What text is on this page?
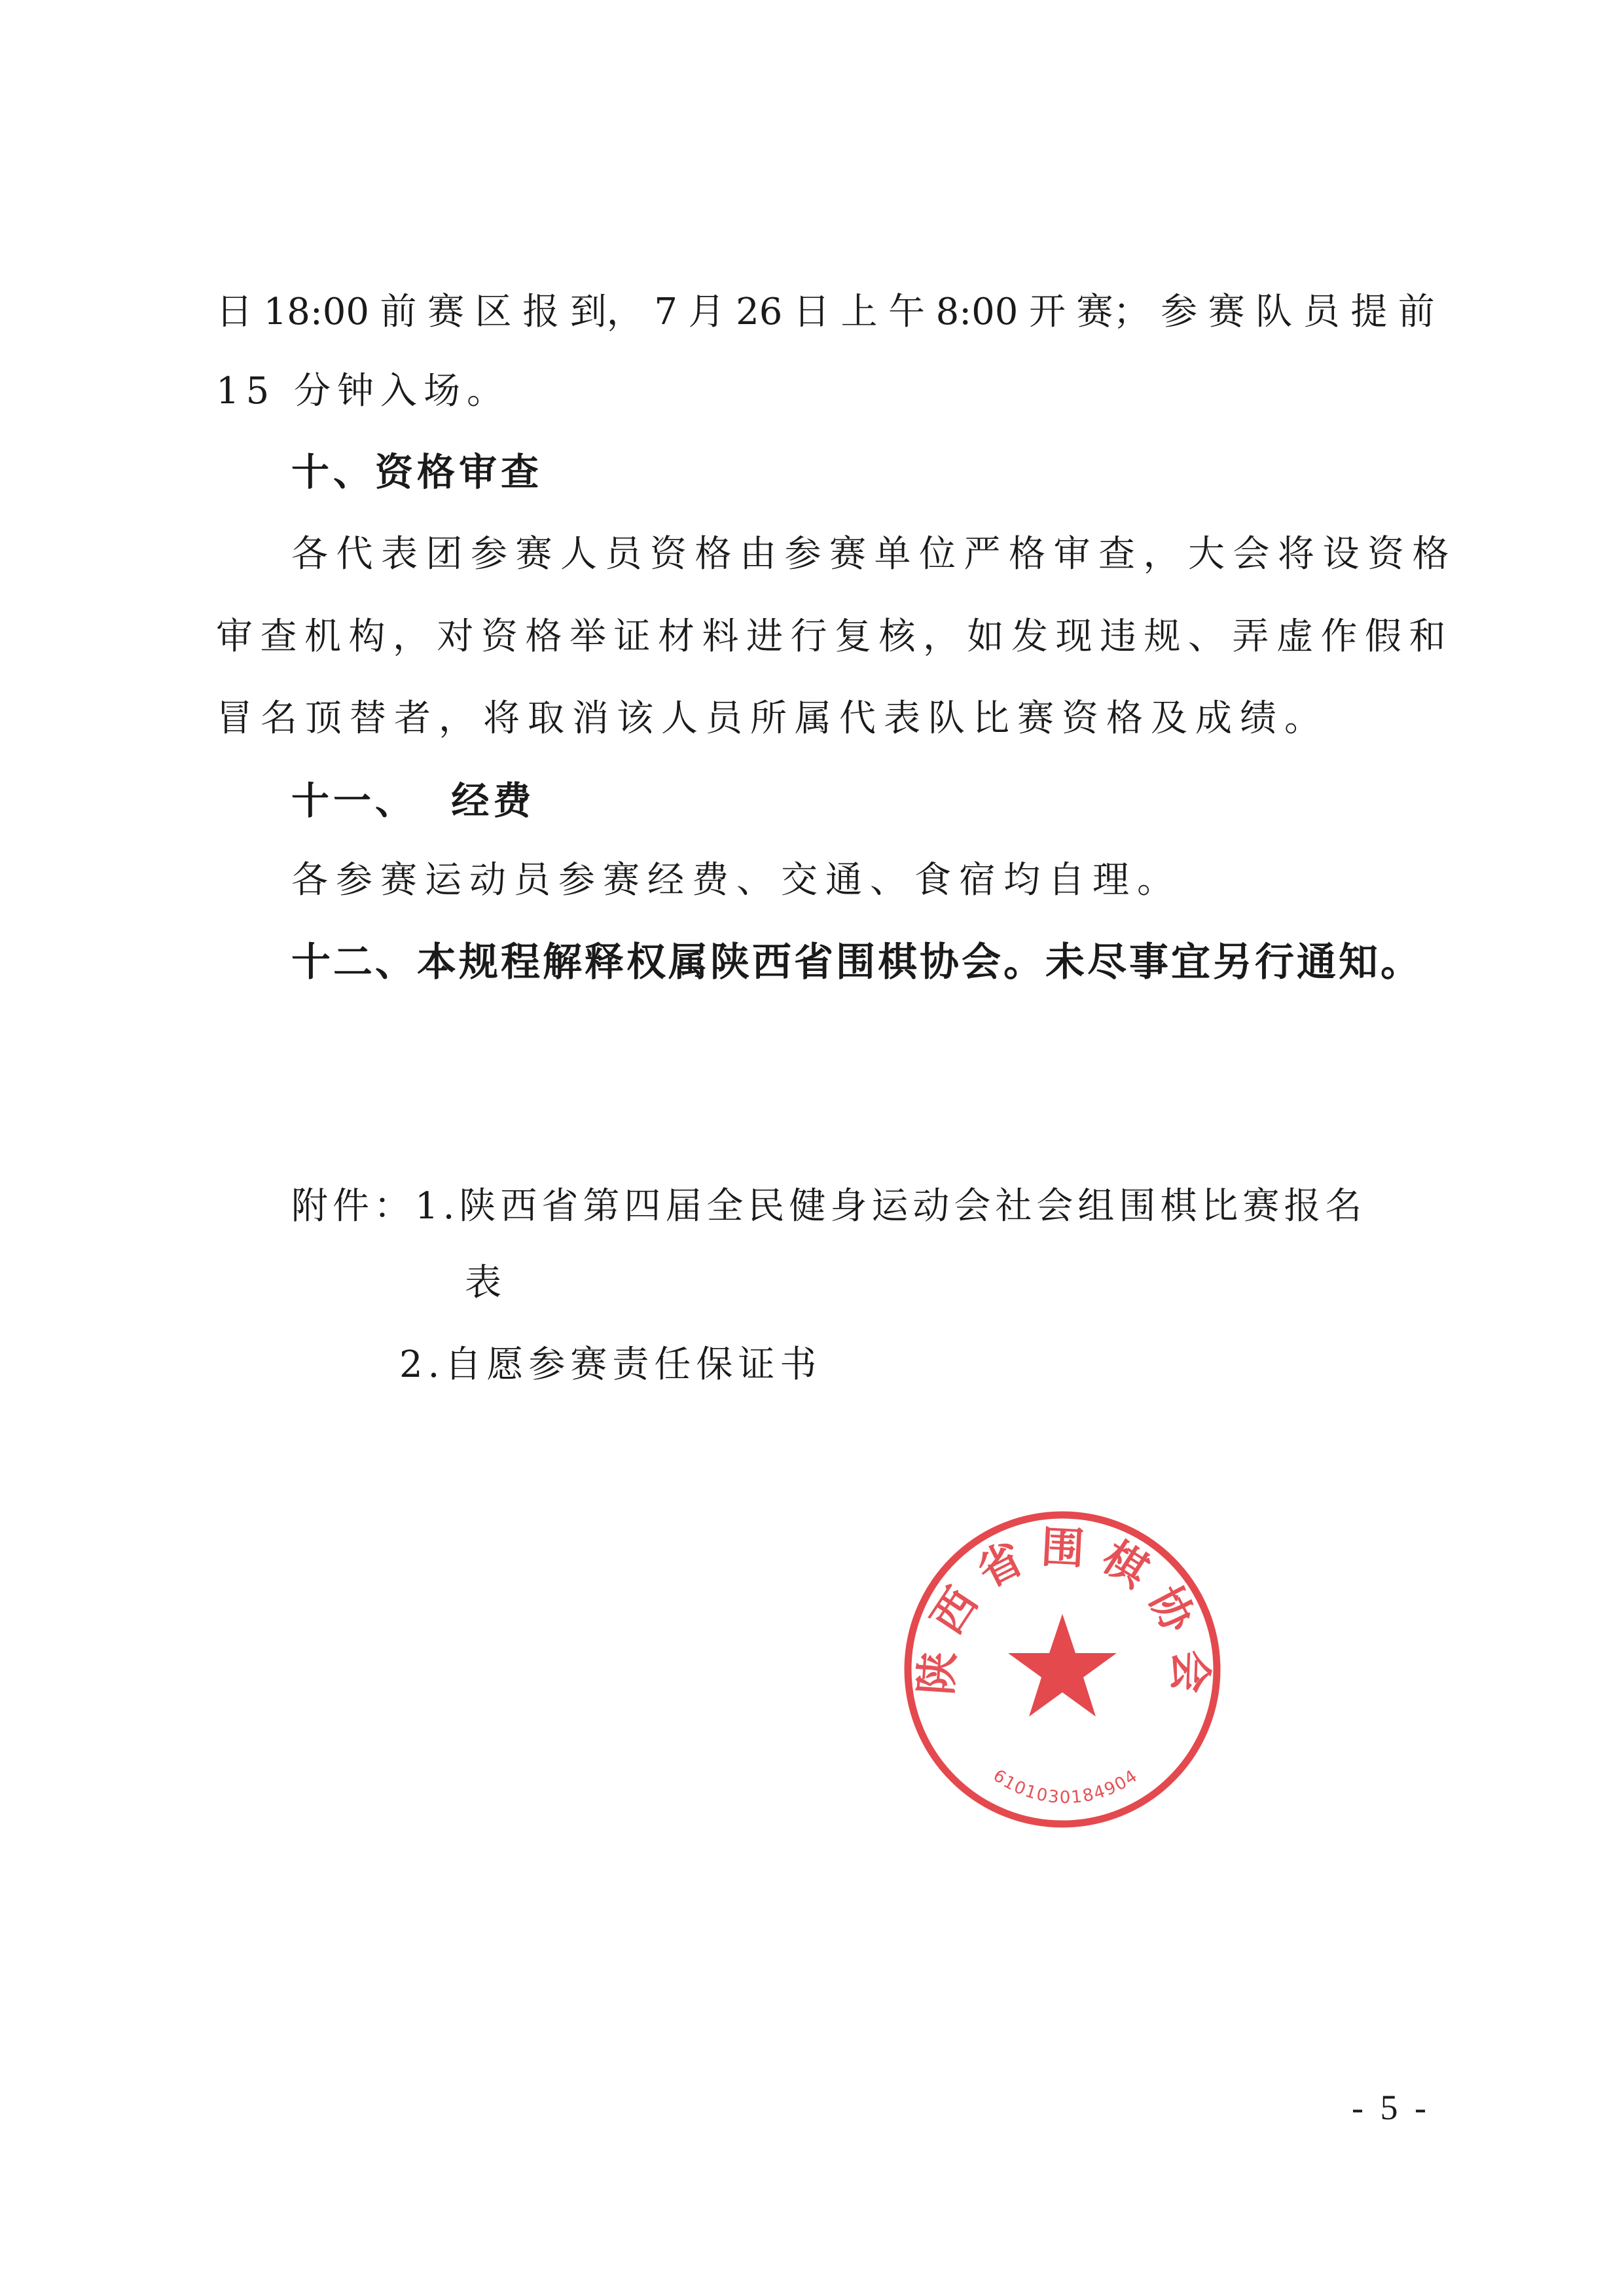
日 18:00 前 赛 区 报 到， 7 月 26 日 上 午 8:00 开 赛； 参 赛 队 员 提 前
15 分钟入场。
十、资格审查
各代表团参赛人员资格由参赛单位严格审查，大会将设资格
审查机构，对资格举证材料进行复核，如发现违规、弄虚作假和
冒名顶替者，将取消该人员所属代表队比赛资格及成绩。
十一、  经费
各参赛运动员参赛经费、交通、食宿均自理。
十二、本规程解释权属陕西省围棋协会。未尽事宜另行通知。
附件：1.陕西省第四届全民健身运动会社会组围棋比赛报名
表
2.自愿参赛责任保证书
陕西省围棋协会
6101030184904
- 5 -
